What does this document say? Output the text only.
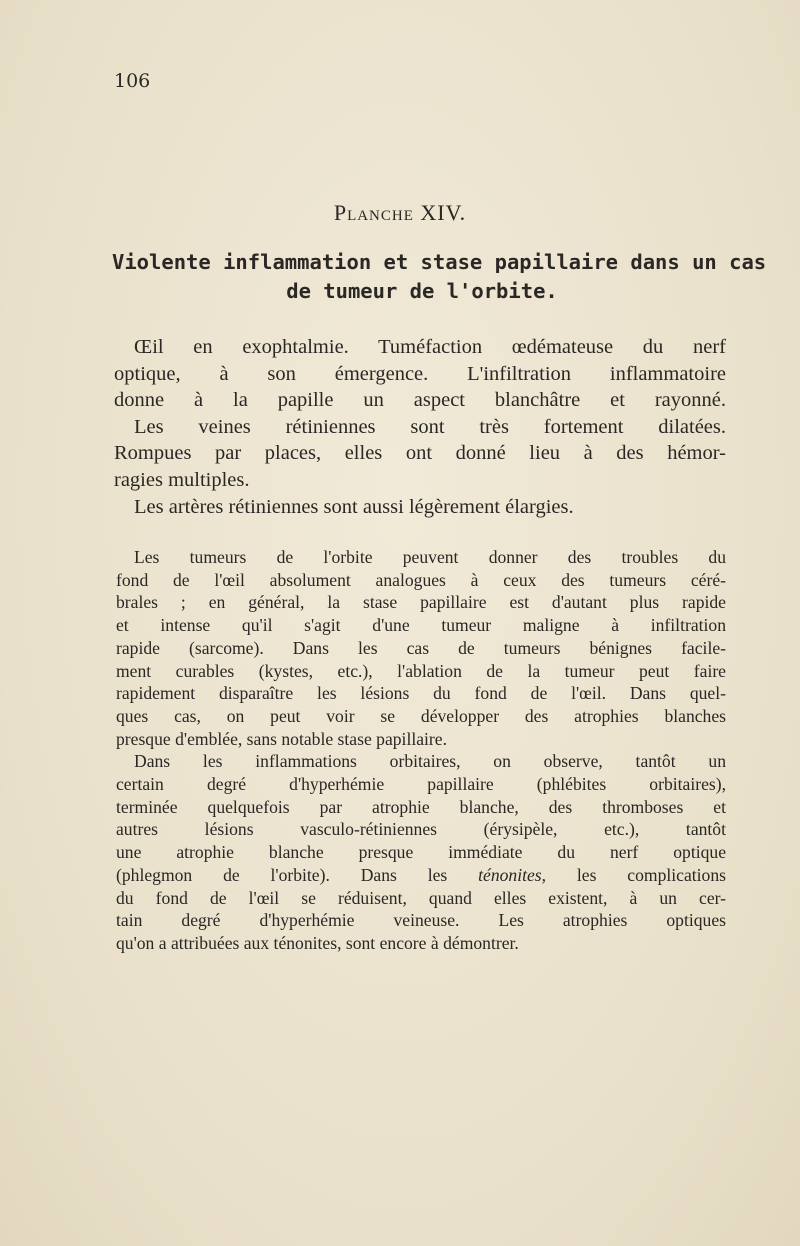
106
Planche XIV.
Violente inflammation et stase papillaire dans un cas
de tumeur de l'orbite.
Œil en exophtalmie. Tuméfaction œdémateuse du nerf
optique, à son émergence. L'infiltration inflammatoire
donne à la papille un aspect blanchâtre et rayonné.
Les veines rétiniennes sont très fortement dilatées.
Rompues par places, elles ont donné lieu à des hémor-
ragies multiples.
Les artères rétiniennes sont aussi légèrement élargies.
Les tumeurs de l'orbite peuvent donner des troubles du
fond de l'œil absolument analogues à ceux des tumeurs céré-
brales ; en général, la stase papillaire est d'autant plus rapide
et intense qu'il s'agit d'une tumeur maligne à infiltration
rapide (sarcome). Dans les cas de tumeurs bénignes facile-
ment curables (kystes, etc.), l'ablation de la tumeur peut faire
rapidement disparaître les lésions du fond de l'œil. Dans quel-
ques cas, on peut voir se développer des atrophies blanches
presque d'emblée, sans notable stase papillaire.
Dans les inflammations orbitaires, on observe, tantôt un
certain degré d'hyperhémie papillaire (phlébites orbitaires),
terminée quelquefois par atrophie blanche, des thromboses et
autres lésions vasculo-rétiniennes (érysipèle, etc.), tantôt
une atrophie blanche presque immédiate du nerf optique
(phlegmon de l'orbite). Dans les ténonites, les complications
du fond de l'œil se réduisent, quand elles existent, à un cer-
tain degré d'hyperhémie veineuse. Les atrophies optiques
qu'on a attribuées aux ténonites, sont encore à démontrer.
